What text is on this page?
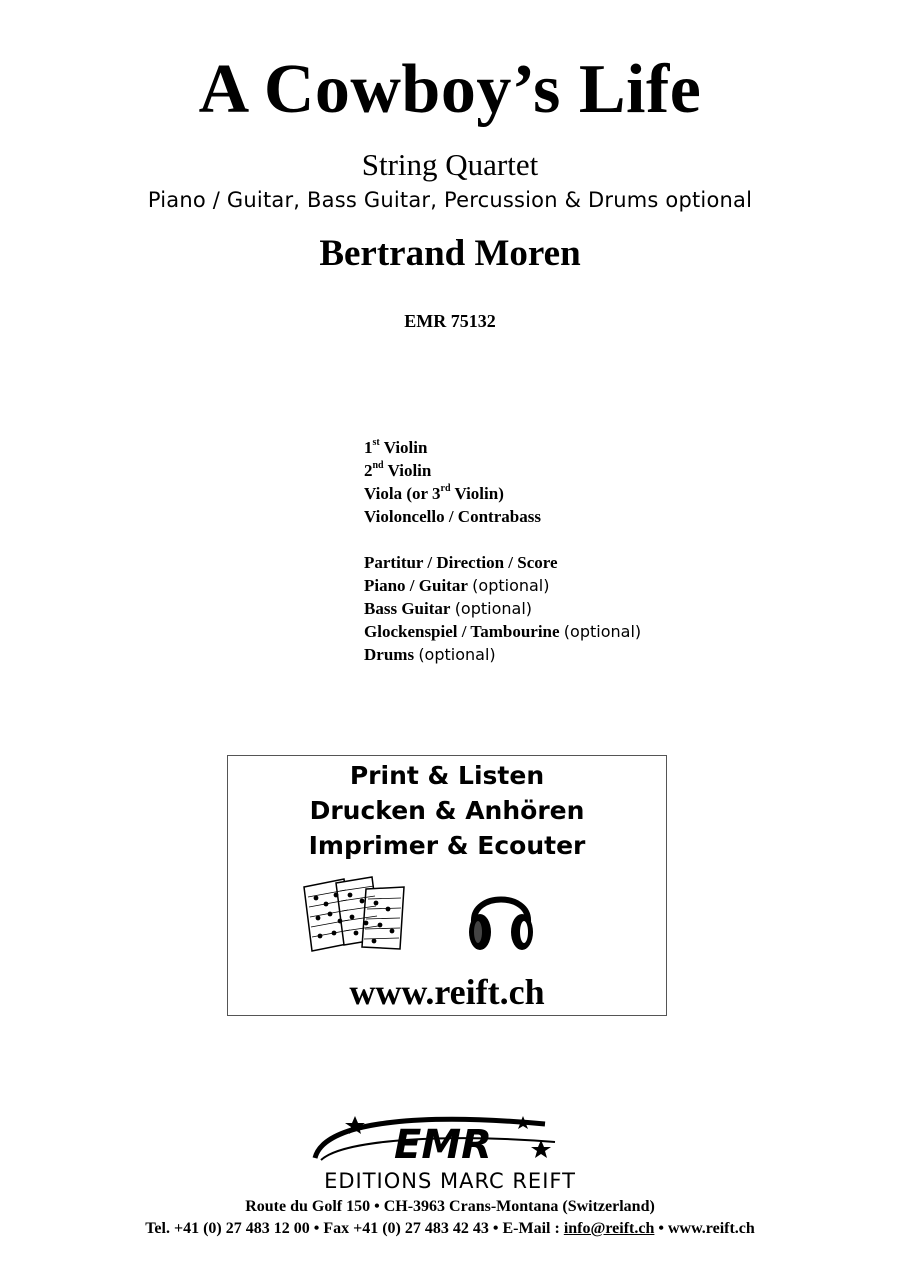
A Cowboy’s Life
String Quartet
Piano / Guitar, Bass Guitar, Percussion & Drums optional
Bertrand Moren
EMR 75132
1st Violin
2nd Violin
Viola (or 3rd Violin)
Violoncello / Contrabass
Partitur / Direction / Score
Piano / Guitar (optional)
Bass Guitar (optional)
Glockenspiel / Tambourine (optional)
Drums (optional)
Print & Listen
Drucken & Anhören
Imprimer & Ecouter
www.reift.ch
EMR
EDITIONS MARC REIFT
Route du Golf 150 • CH-3963 Crans-Montana (Switzerland)
Tel. +41 (0) 27 483 12 00 • Fax +41 (0) 27 483 42 43 • E-Mail : info@reift.ch • www.reift.ch
